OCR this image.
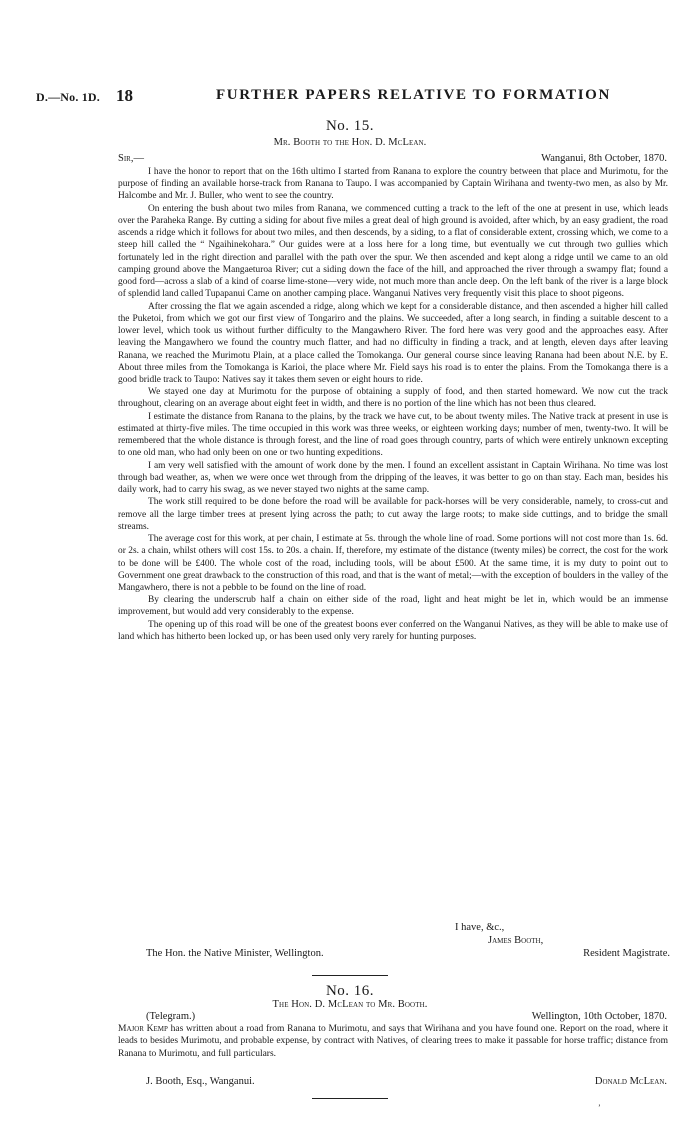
D.—No. 1D. 18	FURTHER PAPERS RELATIVE TO FORMATION
No. 15.
Mr. Booth to the Hon. D. McLean.
Sir,—	Wanganui, 8th October, 1870.

I have the honor to report that on the 16th ultimo I started from Ranana to explore the country between that place and Murimotu, for the purpose of finding an available horse-track from Ranana to Taupo. I was accompanied by Captain Wirihana and twenty-two men, as also by Mr. Halcombe and Mr. J. Buller, who went to see the country.

On entering the bush about two miles from Ranana, we commenced cutting a track to the left of the one at present in use, which leads over the Paraheka Range. By cutting a siding for about five miles a great deal of high ground is avoided, after which, by an easy gradient, the road ascends a ridge which it follows for about two miles, and then descends, by a siding, to a flat of considerable extent, crossing which, we come to a steep hill called the “ Ngaihinekohara.” Our guides were at a loss here for a long time, but eventually we cut through two gullies which fortunately led in the right direction and parallel with the path over the spur. We then ascended and kept along a ridge until we came to an old camping ground above the Mangaeturoa River; cut a siding down the face of the hill, and approached the river through a swampy flat; found a good ford—across a slab of a kind of coarse lime-stone—very wide, not much more than ancle deep. On the left bank of the river is a large block of splendid land called Tupapanui Came on another camping place. Wanganui Natives very frequently visit this place to shoot pigeons.

After crossing the flat we again ascended a ridge, along which we kept for a considerable distance, and then ascended a higher hill called the Puketoi, from which we got our first view of Tongariro and the plains. We succeeded, after a long search, in finding a suitable descent to a lower level, which took us without further difficulty to the Mangawhero River. The ford here was very good and the approaches easy. After leaving the Mangawhero we found the country much flatter, and had no difficulty in finding a track, and at length, eleven days after leaving Ranana, we reached the Murimotu Plain, at a place called the Tomokanga. Our general course since leaving Ranana had been about N.E. by E. About three miles from the Tomokanga is Karioi, the place where Mr. Field says his road is to enter the plains. From the Tomokanga there is a good bridle track to Taupo: Natives say it takes them seven or eight hours to ride.

We stayed one day at Murimotu for the purpose of obtaining a supply of food, and then started homeward. We now cut the track throughout, clearing on an average about eight feet in width, and there is no portion of the line which has not been thus cleared.

I estimate the distance from Ranana to the plains, by the track we have cut, to be about twenty miles. The Native track at present in use is estimated at thirty-five miles. The time occupied in this work was three weeks, or eighteen working days; number of men, twenty-two. It will be remembered that the whole distance is through forest, and the line of road goes through country, parts of which were entirely unknown excepting to one old man, who had only been on one or two hunting expeditions.

I am very well satisfied with the amount of work done by the men. I found an excellent assistant in Captain Wirihana. No time was lost through bad weather, as, when we were once wet through from the dripping of the leaves, it was better to go on than stay. Each man, besides his daily work, had to carry his swag, as we never stayed two nights at the same camp.

The work still required to be done before the road will be available for pack-horses will be very considerable, namely, to cross-cut and remove all the large timber trees at present lying across the path; to cut away the large roots; to make side cuttings, and to bridge the small streams.

The average cost for this work, at per chain, I estimate at 5s. through the whole line of road. Some portions will not cost more than 1s. 6d. or 2s. a chain, whilst others will cost 15s. to 20s. a chain. If, therefore, my estimate of the distance (twenty miles) be correct, the cost for the work to be done will be £400. The whole cost of the road, including tools, will be about £500. At the same time, it is my duty to point out to Government one great drawback to the construction of this road, and that is the want of metal;—with the exception of boulders in the valley of the Mangawhero, there is not a pebble to be found on the line of road.

By clearing the underscrub half a chain on either side of the road, light and heat might be let in, which would be an immense improvement, but would add very considerably to the expense.

The opening up of this road will be one of the greatest boons ever conferred on the Wanganui Natives, as they will be able to make use of land which has hitherto been locked up, or has been used only very rarely for hunting purposes.

I have, &c.,
James Booth,
Resident Magistrate.
The Hon. the Native Minister, Wellington.
No. 16.
The Hon. D. McLean to Mr. Booth.
(Telegram.)	Wellington, 10th October, 1870.

Major Kemp has written about a road from Ranana to Murimotu, and says that Wirihana and you have found one. Report on the road, where it leads to besides Murimotu, and probable expense, by contract with Natives, of clearing trees to make it passable for horse traffic; distance from Ranana to Murimotu, and full particulars.

J. Booth, Esq., Wanganui.	Donald McLean.
’
